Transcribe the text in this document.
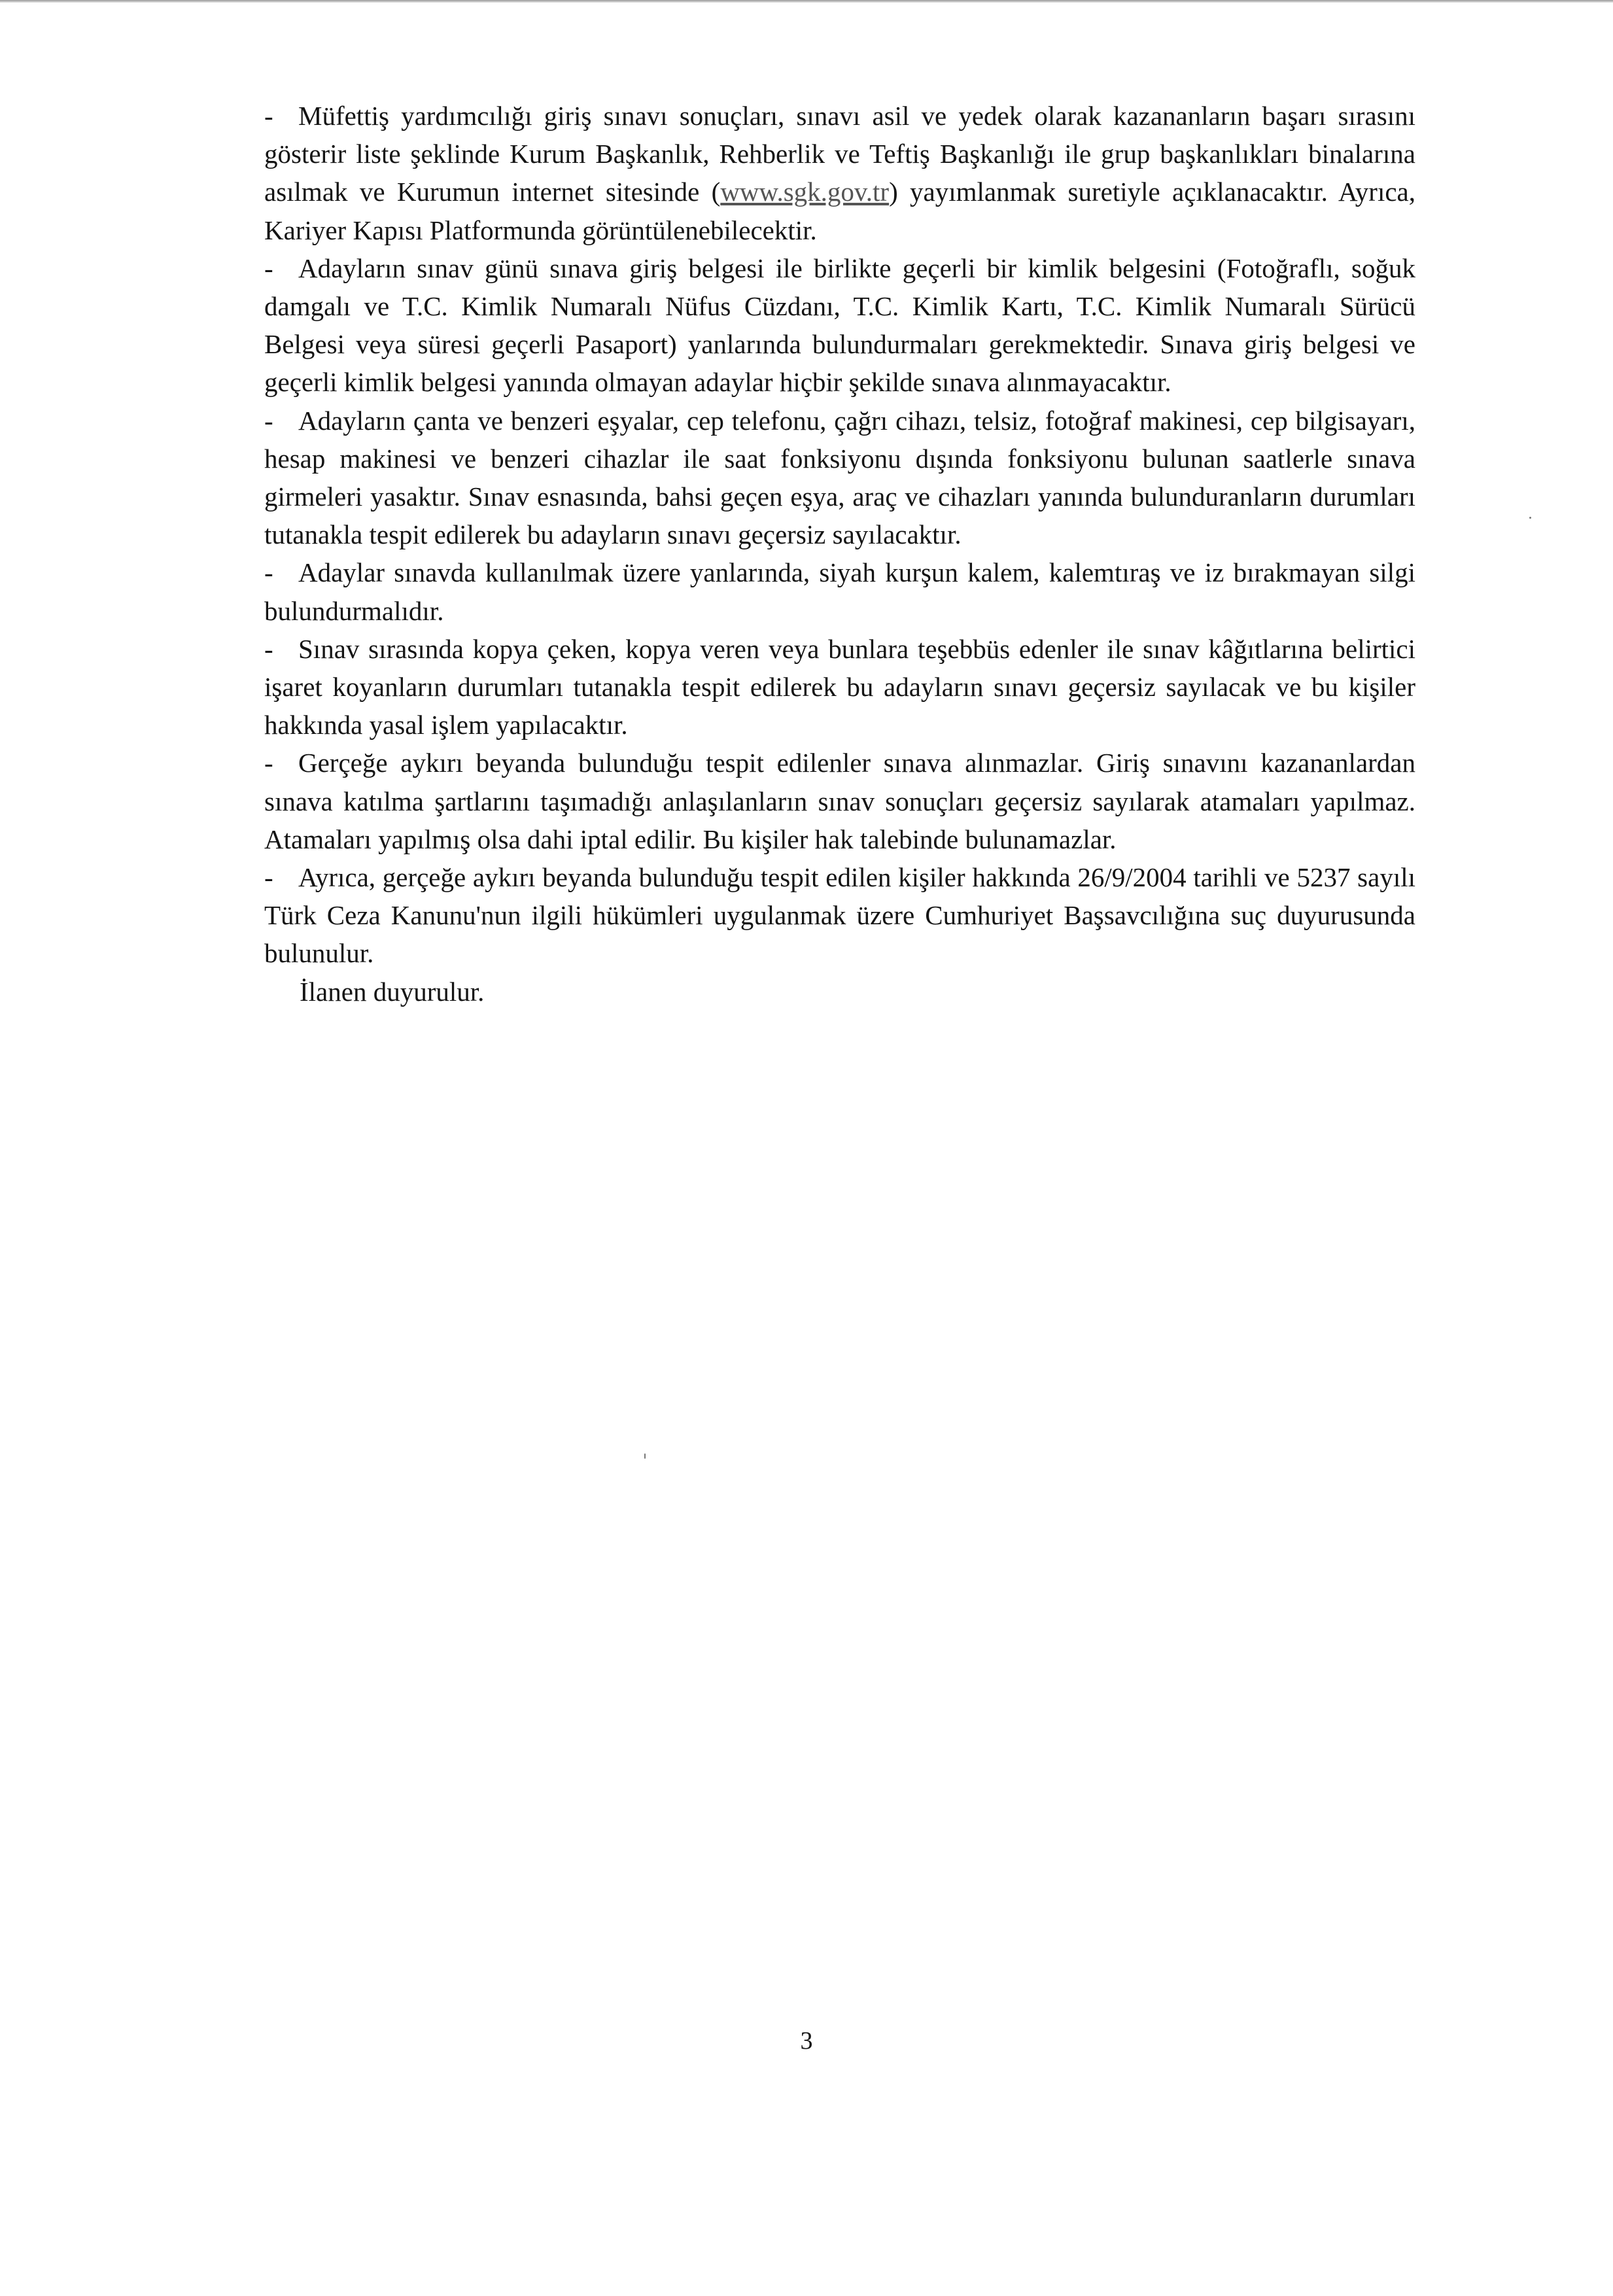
- Müfettiş yardımcılığı giriş sınavı sonuçları, sınavı asil ve yedek olarak kazananların başarı sırasını gösterir liste şeklinde Kurum Başkanlık, Rehberlik ve Teftiş Başkanlığı ile grup başkanlıkları binalarına asılmak ve Kurumun internet sitesinde (www.sgk.gov.tr) yayımlanmak suretiyle açıklanacaktır. Ayrıca, Kariyer Kapısı Platformunda görüntülenebilecektir.

- Adayların sınav günü sınava giriş belgesi ile birlikte geçerli bir kimlik belgesini (Fotoğraflı, soğuk damgalı ve T.C. Kimlik Numaralı Nüfus Cüzdanı, T.C. Kimlik Kartı, T.C. Kimlik Numaralı Sürücü Belgesi veya süresi geçerli Pasaport) yanlarında bulundurmaları gerekmektedir. Sınava giriş belgesi ve geçerli kimlik belgesi yanında olmayan adaylar hiçbir şekilde sınava alınmayacaktır.

- Adayların çanta ve benzeri eşyalar, cep telefonu, çağrı cihazı, telsiz, fotoğraf makinesi, cep bilgisayarı, hesap makinesi ve benzeri cihazlar ile saat fonksiyonu dışında fonksiyonu bulunan saatlerle sınava girmeleri yasaktır. Sınav esnasında, bahsi geçen eşya, araç ve cihazları yanında bulunduranların durumları tutanakla tespit edilerek bu adayların sınavı geçersiz sayılacaktır.

- Adaylar sınavda kullanılmak üzere yanlarında, siyah kurşun kalem, kalemtıraş ve iz bırakmayan silgi bulundurmalıdır.

- Sınav sırasında kopya çeken, kopya veren veya bunlara teşebbüs edenler ile sınav kâğıtlarına belirtici işaret koyanların durumları tutanakla tespit edilerek bu adayların sınavı geçersiz sayılacak ve bu kişiler hakkında yasal işlem yapılacaktır.

- Gerçeğe aykırı beyanda bulunduğu tespit edilenler sınava alınmazlar. Giriş sınavını kazananlardan sınava katılma şartlarını taşımadığı anlaşılanların sınav sonuçları geçersiz sayılarak atamaları yapılmaz. Atamaları yapılmış olsa dahi iptal edilir. Bu kişiler hak talebinde bulunamazlar.

- Ayrıca, gerçeğe aykırı beyanda bulunduğu tespit edilen kişiler hakkında 26/9/2004 tarihli ve 5237 sayılı Türk Ceza Kanunu'nun ilgili hükümleri uygulanmak üzere Cumhuriyet Başsavcılığına suç duyurusunda bulunulur.

İlanen duyurulur.

3
